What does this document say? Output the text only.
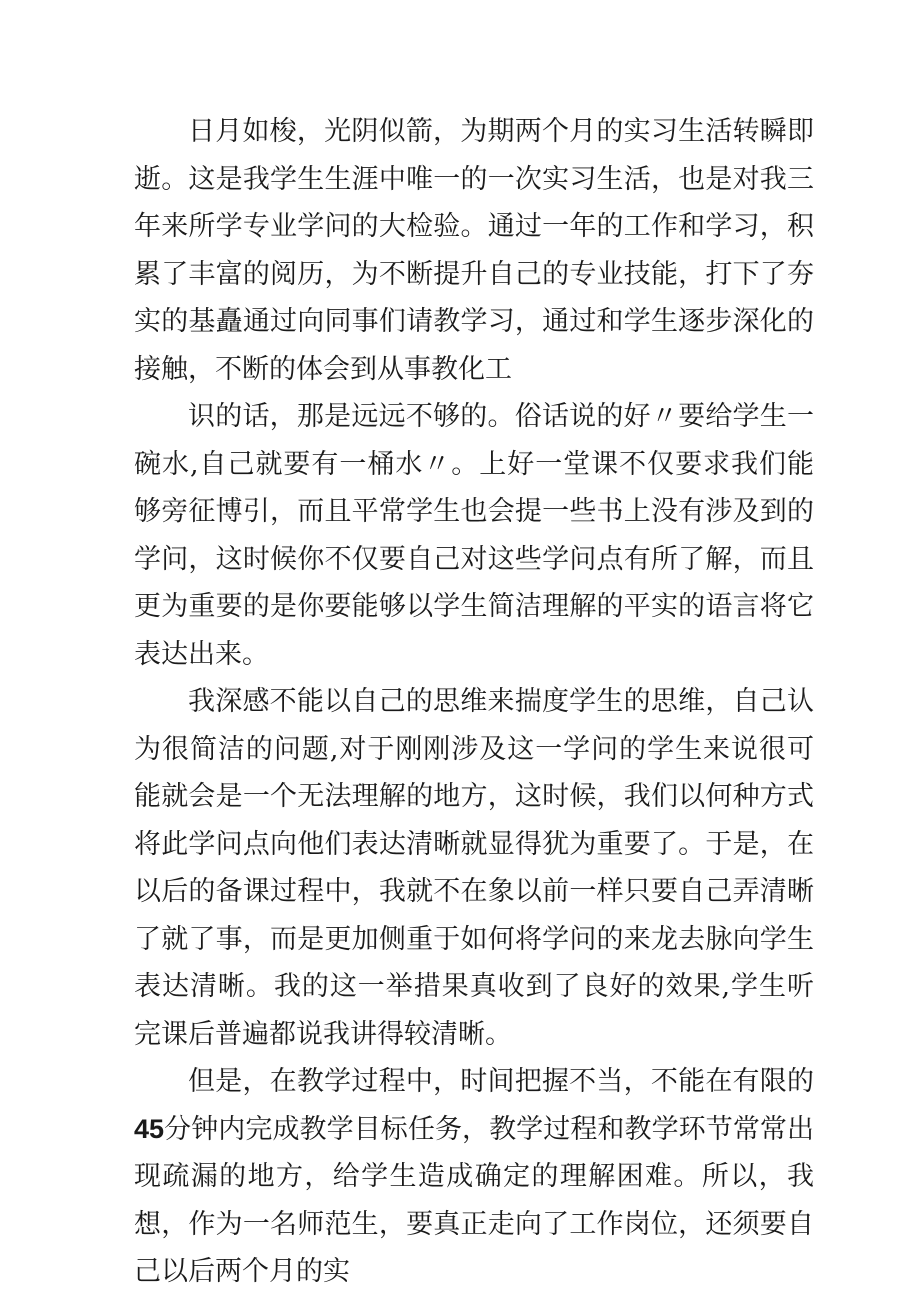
日月如梭，光阴似箭，为期两个月的实习生活转瞬即逝。这是我学生生涯中唯一的一次实习生活，也是对我三年来所学专业学问的大检验。通过一年的工作和学习，积累了丰富的阅历，为不断提升自己的专业技能，打下了夯实的基矗通过向同事们请教学习，通过和学生逐步深化的接触，不断的体会到从事教化工

识的话，那是远远不够的。俗话说的好〃要给学生一碗水,自己就要有一桶水〃。上好一堂课不仅要求我们能够旁征博引，而且平常学生也会提一些书上没有涉及到的学问，这时候你不仅要自己对这些学问点有所了解，而且更为重要的是你要能够以学生简洁理解的平实的语言将它表达出来。

我深感不能以自己的思维来揣度学生的思维，自己认为很简洁的问题,对于刚刚涉及这一学问的学生来说很可能就会是一个无法理解的地方，这时候，我们以何种方式将此学问点向他们表达清晰就显得犹为重要了。于是，在以后的备课过程中，我就不在象以前一样只要自己弄清晰了就了事，而是更加侧重于如何将学问的来龙去脉向学生表达清晰。我的这一举措果真收到了良好的效果,学生听完课后普遍都说我讲得较清晰。

但是，在教学过程中，时间把握不当，不能在有限的45分钟内完成教学目标任务，教学过程和教学环节常常出现疏漏的地方，给学生造成确定的理解困难。所以，我想，作为一名师范生，要真正走向了工作岗位，还须要自己以后两个月的实
